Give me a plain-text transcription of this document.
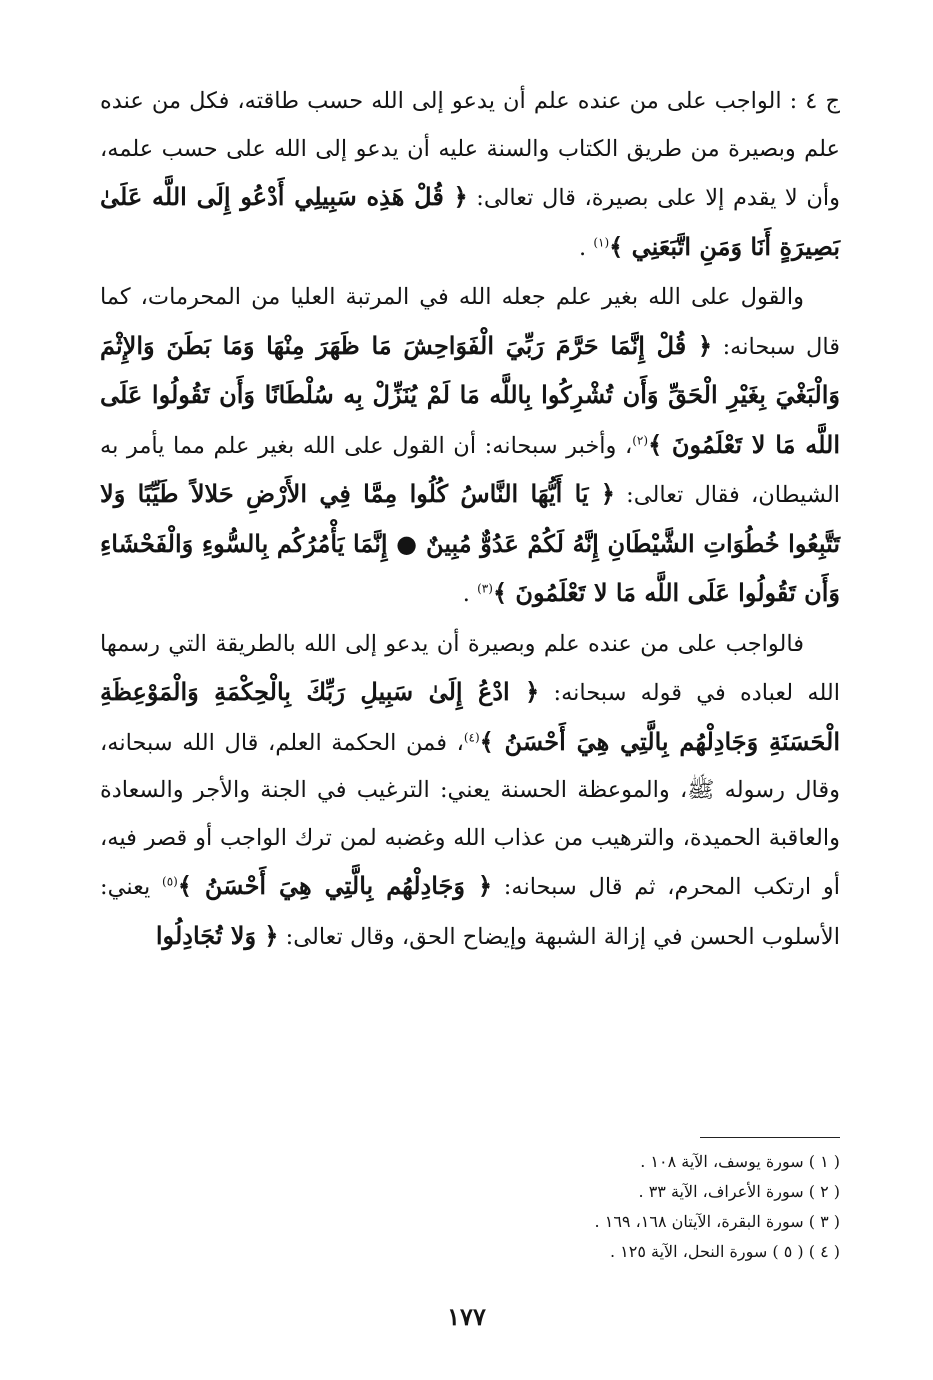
ج ٤ : الواجب على من عنده علم أن يدعو إلى الله حسب طاقته، فكل من عنده علم وبصيرة من طريق الكتاب والسنة عليه أن يدعو إلى الله على حسب علمه، وأن لا يقدم إلا على بصيرة، قال تعالى: ﴿ قُلْ هَذِه سَبِيلِي أَدْعُو إِلَى اللَّه عَلَىٰ بَصِيرَةٍ أَنَا وَمَنِ اتَّبَعَنِي ﴾$^{(١)}$ .

والقول على الله بغير علم جعله الله في المرتبة العليا من المحرمات، كما قال سبحانه: ﴿ قُلْ إِنَّمَا حَرَّمَ رَبِّيَ الْفَوَاحِشَ مَا ظَهَرَ مِنْهَا وَمَا بَطَنَ وَالإِثْمَ وَالْبَغْيَ بِغَيْرِ الْحَقِّ وَأَن تُشْرِكُوا بِاللَّه مَا لَمْ يُنَزِّلْ بِه سُلْطَانًا وَأَن تَقُولُوا عَلَى اللَّه مَا لا تَعْلَمُونَ ﴾$^{(٢)}$، وأخبر سبحانه: أن القول على الله بغير علم مما يأمر به الشيطان، فقال تعالى: ﴿ يَا أَيُّهَا النَّاسُ كُلُوا مِمَّا فِي الأَرْضِ حَلالاً طَيِّبًا وَلا تَتَّبِعُوا خُطُوَاتِ الشَّيْطَانِ إِنَّهُ لَكُمْ عَدُوٌّ مُبِينٌ ● إِنَّمَا يَأْمُرُكُم بِالسُّوءِ وَالْفَحْشَاءِ وَأَن تَقُولُوا عَلَى اللَّه مَا لا تَعْلَمُونَ ﴾$^{(٣)}$ .

فالواجب على من عنده علم وبصيرة أن يدعو إلى الله بالطريقة التي رسمها الله لعباده في قوله سبحانه: ﴿ ادْعُ إِلَىٰ سَبِيلِ رَبِّكَ بِالْحِكْمَةِ وَالْمَوْعِظَةِ الْحَسَنَةِ وَجَادِلْهُم بِالَّتِي هِيَ أَحْسَنُ ﴾$^{(٤)}$، فمن الحكمة العلم، قال الله سبحانه، وقال رسوله ﷺ، والموعظة الحسنة يعني: الترغيب في الجنة والأجر والسعادة والعاقبة الحميدة، والترهيب من عذاب الله وغضبه لمن ترك الواجب أو قصر فيه، أو ارتكب المحرم، ثم قال سبحانه: ﴿ وَجَادِلْهُم بِالَّتِي هِيَ أَحْسَنُ ﴾$^{(٥)}$ يعني: الأسلوب الحسن في إزالة الشبهة وإيضاح الحق، وقال تعالى: ﴿ وَلا تُجَادِلُوا

( ١ ) سورة يوسف، الآية ١٠٨ .
( ٢ ) سورة الأعراف، الآية ٣٣ .
( ٣ ) سورة البقرة، الآيتان ١٦٨، ١٦٩ .
( ٤ ) ( ٥ ) سورة النحل، الآية ١٢٥ .
١٧٧
